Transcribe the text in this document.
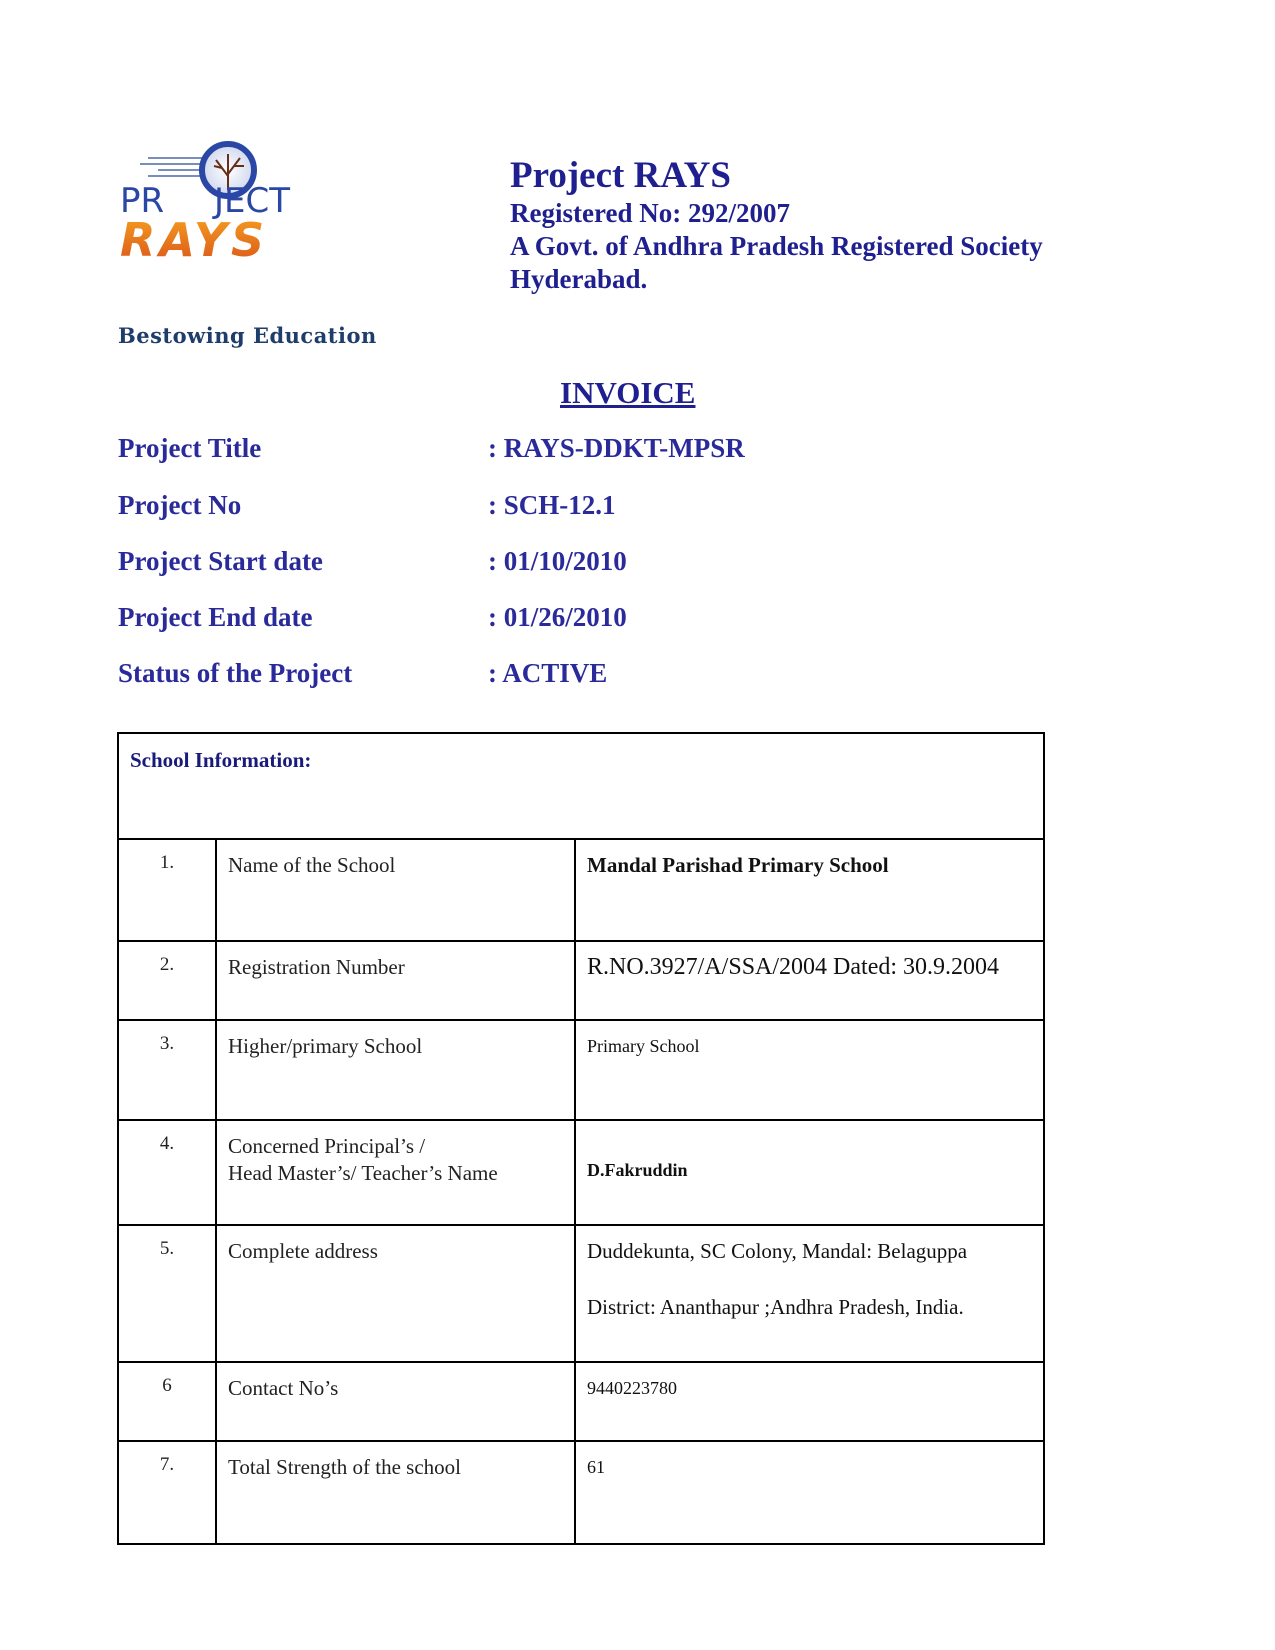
PR JECT
RAYS
Bestowing Education
Project RAYS
Registered No: 292/2007
A Govt. of Andhra Pradesh Registered Society
Hyderabad.
INVOICE
Project Title	: RAYS-DDKT-MPSR
Project No	: SCH-12.1
Project Start date	: 01/10/2010
Project End date	: 01/26/2010
Status of the Project	: ACTIVE
School Information:		
1.	Name of the School	Mandal Parishad Primary School
2.	Registration Number	R.NO.3927/A/SSA/2004 Dated: 30.9.2004
3.	Higher/primary School	Primary School
4.	Concerned Principal’s /
Head Master’s/ Teacher’s Name	D.Fakruddin
5.	Complete address	Duddekunta, SC Colony, Mandal: Belaguppa
District: Ananthapur ;Andhra Pradesh, India.

6	Contact No’s	9440223780
7.	Total Strength of the school	61
